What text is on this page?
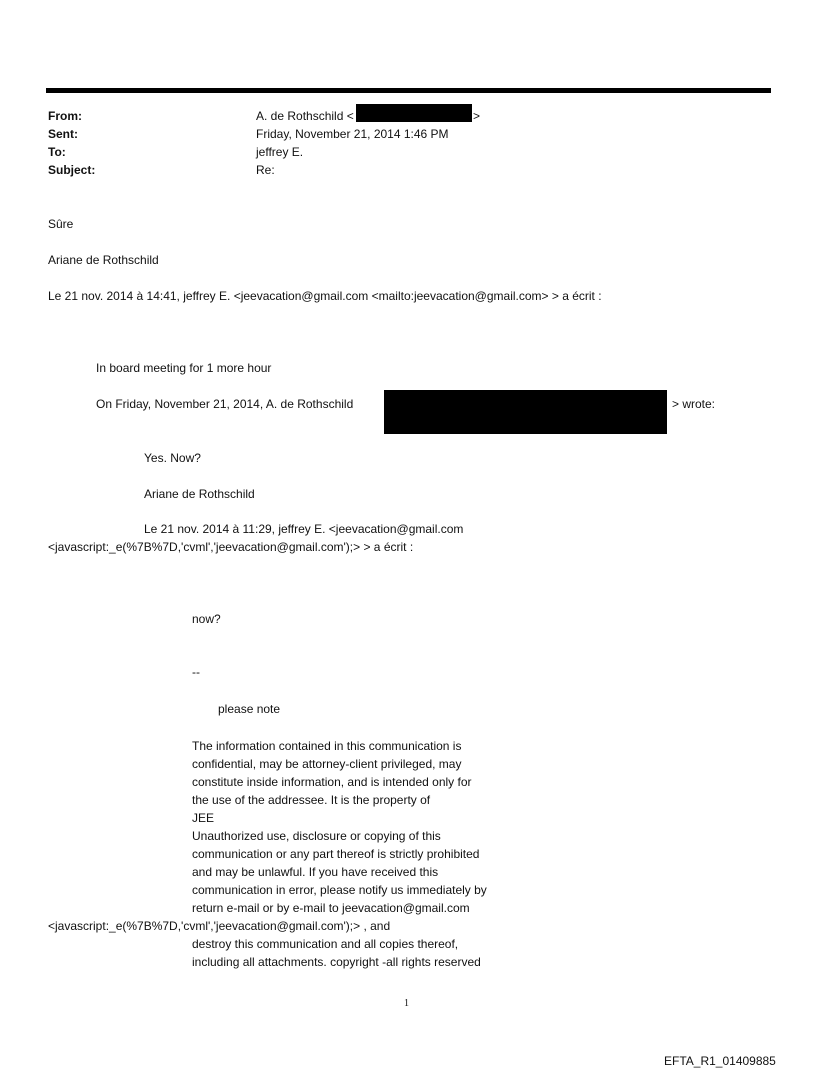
From:
Sent:
To:
Subject:
A. de Rothschild <	>
Friday, November 21, 2014 1:46 PM
jeffrey E.
Re:
Sûre
Ariane de Rothschild
Le 21 nov. 2014 à 14:41, jeffrey E. <jeevacation@gmail.com <mailto:jeevacation@gmail.com> > a écrit :
In board meeting for 1 more hour
On Friday, November 21, 2014, A. de Rothschild	> wrote:
Yes. Now?
Ariane de Rothschild
Le 21 nov. 2014 à 11:29, jeffrey E. <jeevacation@gmail.com
<javascript:_e(%7B%7D,'cvml','jeevacation@gmail.com');> > a écrit :
now?
--
please note
The information contained in this communication is
confidential, may be attorney-client privileged, may
constitute inside information, and is intended only for
the use of the addressee. It is the property of
JEE
Unauthorized use, disclosure or copying of this
communication or any part thereof is strictly prohibited
and may be unlawful. If you have received this
communication in error, please notify us immediately by
return e-mail or by e-mail to jeevacation@gmail.com
<javascript:_e(%7B%7D,'cvml','jeevacation@gmail.com');> , and
destroy this communication and all copies thereof,
including all attachments. copyright -all rights reserved
1
EFTA_R1_01409885
